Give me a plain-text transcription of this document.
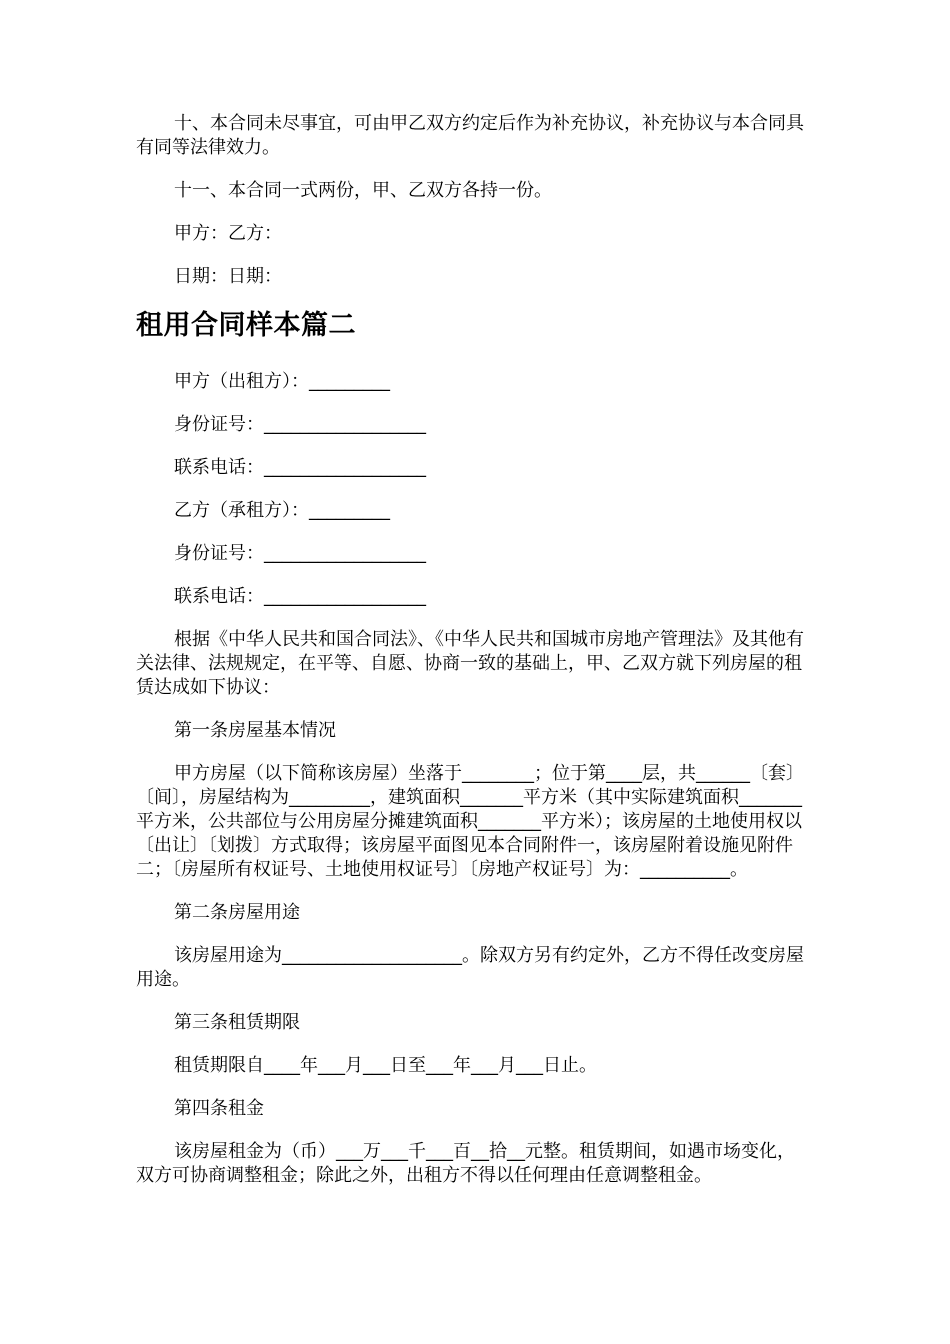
十、本合同未尽事宜，可由甲乙双方约定后作为补充协议，补充协议与本合同具有同等法律效力。

十一、本合同一式两份，甲、乙双方各持一份。

甲方：乙方：

日期：日期：

租用合同样本篇二

甲方（出租方）：_________

身份证号：__________________

联系电话：__________________

乙方（承租方）：_________

身份证号：__________________

联系电话：__________________

根据《中华人民共和国合同法》、《中华人民共和国城市房地产管理法》及其他有关法律、法规规定，在平等、自愿、协商一致的基础上，甲、乙双方就下列房屋的租赁达成如下协议：

第一条房屋基本情况

甲方房屋（以下简称该房屋）坐落于________；位于第____层，共______〔套〕〔间〕，房屋结构为_________，建筑面积_______平方米（其中实际建筑面积_______平方米，公共部位与公用房屋分摊建筑面积_______平方米）；该房屋的土地使用权以〔出让〕〔划拨〕方式取得；该房屋平面图见本合同附件一，该房屋附着设施见附件二；〔房屋所有权证号、土地使用权证号〕〔房地产权证号〕为：__________。

第二条房屋用途

该房屋用途为____________________。除双方另有约定外，乙方不得任改变房屋用途。

第三条租赁期限

租赁期限自____年___月___日至___年___月___日止。

第四条租金

该房屋租金为（币）___万___千___百__拾__元整。租赁期间，如遇市场变化，双方可协商调整租金；除此之外，出租方不得以任何理由任意调整租金。
